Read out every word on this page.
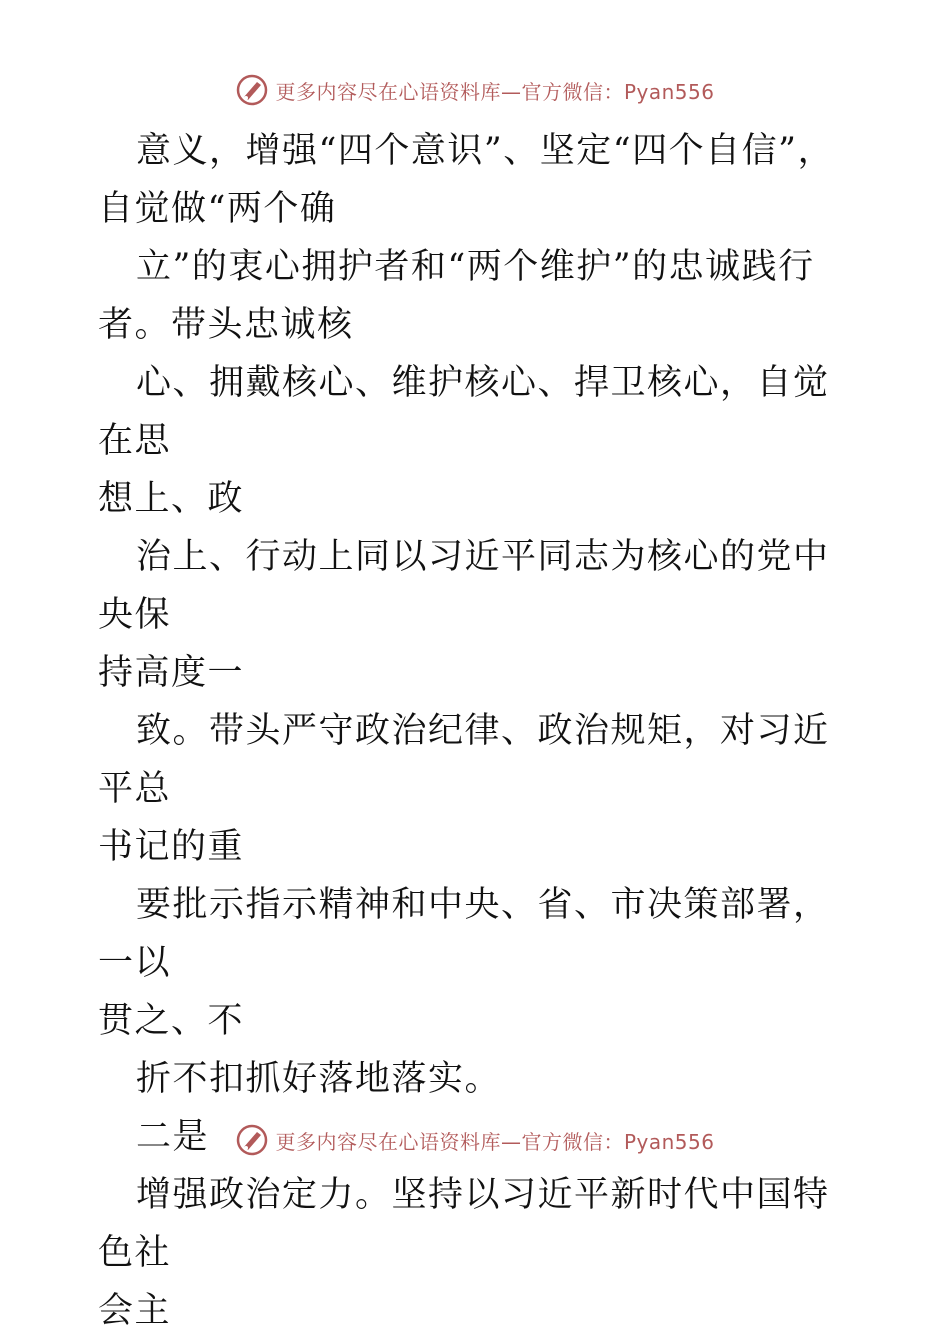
更多内容尽在心语资料库—官方微信：Pyan556

意义，增强“四个意识”、坚定“四个自信”，

自觉做“两个确

立”的衷心拥护者和“两个维护”的忠诚践行

者。带头忠诚核

心、拥戴核心、维护核心、捍卫核心，自觉在思

想上、政

治上、行动上同以习近平同志为核心的党中央保

持高度一

致。带头严守政治纪律、政治规矩，对习近平总

书记的重

要批示指示精神和中央、省、市决策部署，一以

贯之、不

折不扣抓好落地落实。

二是

增强政治定力。坚持以习近平新时代中国特色社

会主

更多内容尽在心语资料库—官方微信：Pyan556
